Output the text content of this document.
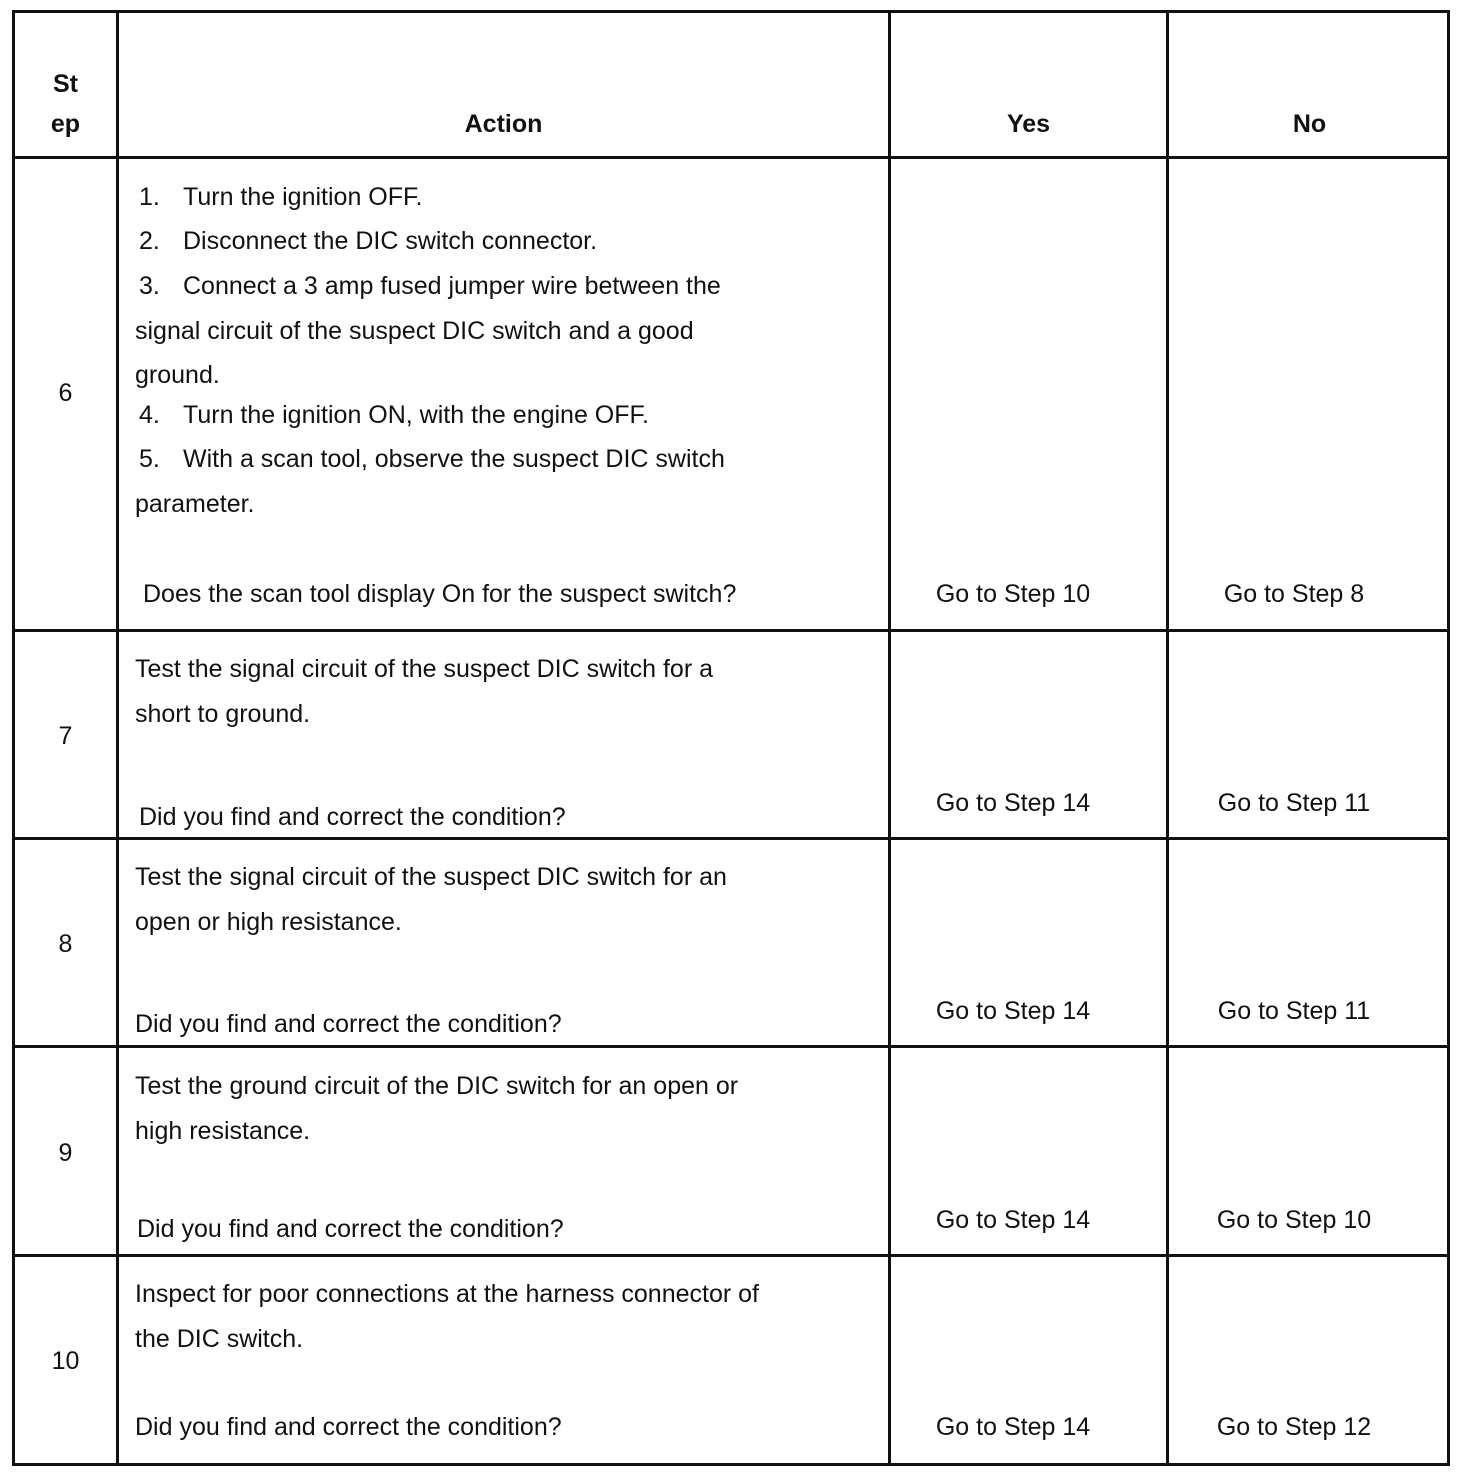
St
ep	Action	Yes	No
6
1. Turn the ignition OFF.
2. Disconnect the DIC switch connector.
3. Connect a 3 amp fused jumper wire between the
signal circuit of the suspect DIC switch and a good
ground.
4. Turn the ignition ON, with the engine OFF.
5. With a scan tool, observe the suspect DIC switch
parameter.
Does the scan tool display On for the suspect switch?	Go to Step 10	Go to Step 8
7
Test the signal circuit of the suspect DIC switch for a
short to ground.
Did you find and correct the condition?	Go to Step 14	Go to Step 11
8
Test the signal circuit of the suspect DIC switch for an
open or high resistance.
Did you find and correct the condition?	Go to Step 14	Go to Step 11
9
Test the ground circuit of the DIC switch for an open or
high resistance.
Did you find and correct the condition?	Go to Step 14	Go to Step 10
10
Inspect for poor connections at the harness connector of
the DIC switch.
Did you find and correct the condition?	Go to Step 14	Go to Step 12
